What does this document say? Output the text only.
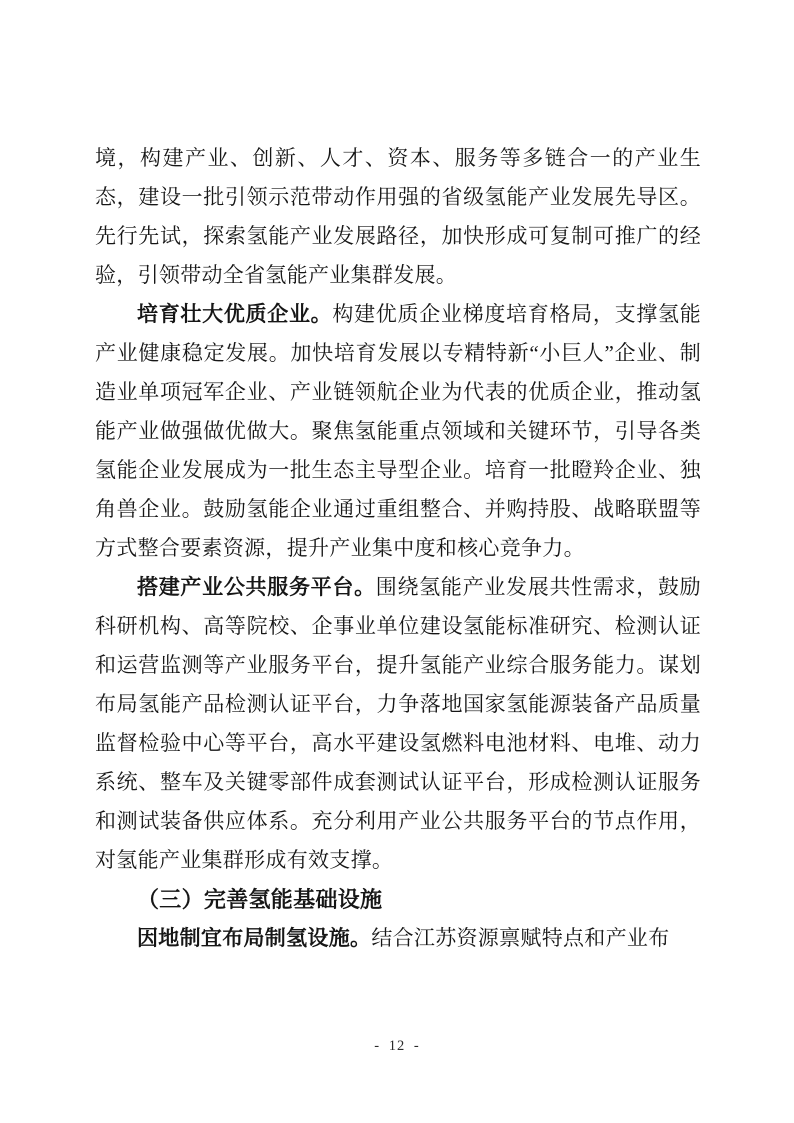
境，构建产业、创新、人才、资本、服务等多链合一的产业生态，建设一批引领示范带动作用强的省级氢能产业发展先导区。先行先试，探索氢能产业发展路径，加快形成可复制可推广的经验，引领带动全省氢能产业集群发展。

培育壮大优质企业。构建优质企业梯度培育格局，支撑氢能产业健康稳定发展。加快培育发展以专精特新“小巨人”企业、制造业单项冠军企业、产业链领航企业为代表的优质企业，推动氢能产业做强做优做大。聚焦氢能重点领域和关键环节，引导各类氢能企业发展成为一批生态主导型企业。培育一批瞪羚企业、独角兽企业。鼓励氢能企业通过重组整合、并购持股、战略联盟等方式整合要素资源，提升产业集中度和核心竞争力。

搭建产业公共服务平台。围绕氢能产业发展共性需求，鼓励科研机构、高等院校、企事业单位建设氢能标准研究、检测认证和运营监测等产业服务平台，提升氢能产业综合服务能力。谋划布局氢能产品检测认证平台，力争落地国家氢能源装备产品质量监督检验中心等平台，高水平建设氢燃料电池材料、电堆、动力系统、整车及关键零部件成套测试认证平台，形成检测认证服务和测试装备供应体系。充分利用产业公共服务平台的节点作用，对氢能产业集群形成有效支撑。

（三）完善氢能基础设施

因地制宜布局制氢设施。结合江苏资源禀赋特点和产业布

- 12 -
